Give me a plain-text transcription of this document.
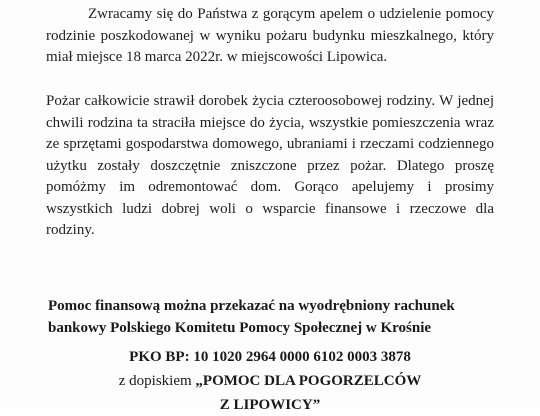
Zwracamy się do Państwa z gorącym apelem o udzielenie pomocy rodzinie poszkodowanej w wyniku pożaru budynku mieszkalnego, który miał miejsce 18 marca 2022r. w miejscowości Lipowica.

Pożar całkowicie strawił dorobek życia czteroosobowej rodziny. W jednej chwili rodzina ta straciła miejsce do życia, wszystkie pomieszczenia wraz ze sprzętami gospodarstwa domowego, ubraniami i rzeczami codziennego użytku zostały doszczętnie zniszczone przez pożar. Dlatego proszę pomóżmy im odremontować dom. Gorąco apelujemy i prosimy wszystkich ludzi dobrej woli o wsparcie finansowe i rzeczowe dla rodziny.

Pomoc finansową można przekazać na wyodrębniony rachunek

bankowy Polskiego Komitetu Pomocy Społecznej w Krośnie

PKO BP: 10 1020 2964 0000 6102 0003 3878

z dopiskiem „POMOC DLA POGORZELCÓW

Z LIPOWICY”
